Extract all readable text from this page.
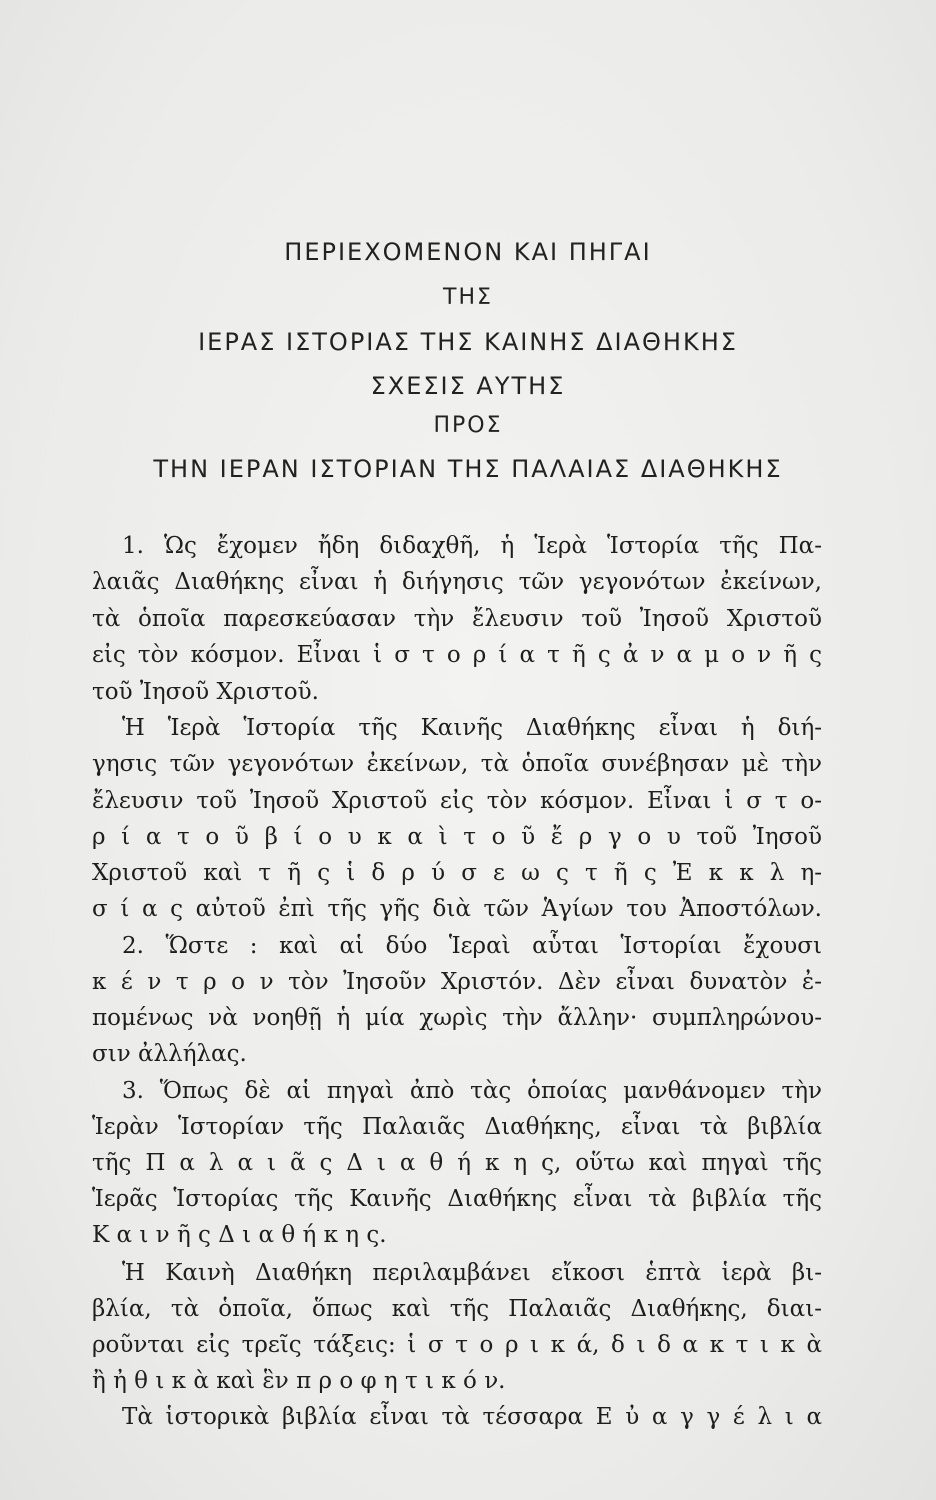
ΠΕΡΙΕΧΟΜΕΝΟΝ ΚΑΙ ΠΗΓΑΙ
ΤΗΣ
ΙΕΡΑΣ ΙΣΤΟΡΙΑΣ ΤΗΣ ΚΑΙΝΗΣ ΔΙΑΘΗΚΗΣ
ΣΧΕΣΙΣ ΑΥΤΗΣ
ΠΡΟΣ
ΤΗΝ ΙΕΡΑΝ ΙΣΤΟΡΙΑΝ ΤΗΣ ΠΑΛΑΙΑΣ ΔΙΑΘΗΚΗΣ
1. Ὡς ἔχομεν ἤδη διδαχθῆ, ἡ Ἱερὰ Ἱστορία τῆς Πα-
λαιᾶς Διαθήκης εἶναι ἡ διήγησις τῶν γεγονότων ἐκείνων,
τὰ ὁποῖα παρεσκεύασαν τὴν ἔλευσιν τοῦ Ἰησοῦ Χριστοῦ
εἰς τὸν κόσμον. Εἶναι ἱ σ τ ο ρ ί α τ ῆ ς ἀ ν α μ ο ν ῆ ς
τοῦ Ἰησοῦ Χριστοῦ.
Ἡ Ἱερὰ Ἱστορία τῆς Καινῆς Διαθήκης εἶναι ἡ διή-
γησις τῶν γεγονότων ἐκείνων, τὰ ὁποῖα συνέβησαν μὲ τὴν
ἔλευσιν τοῦ Ἰησοῦ Χριστοῦ εἰς τὸν κόσμον. Εἶναι ἱ σ τ ο-
ρ ί α τ ο ῦ β ί ο υ κ α ὶ τ ο ῦ ἔ ρ γ ο υ τοῦ Ἰησοῦ
Χριστοῦ καὶ τ ῆ ς ἱ δ ρ ύ σ ε ω ς τ ῆ ς Ἐ κ κ λ η-
σ ί α ς αὐτοῦ ἐπὶ τῆς γῆς διὰ τῶν Ἁγίων του Ἀποστόλων.
2. Ὥστε : καὶ αἱ δύο Ἱεραὶ αὗται Ἱστορίαι ἔχουσι
κ έ ν τ ρ ο ν τὸν Ἰησοῦν Χριστόν. Δὲν εἶναι δυνατὸν ἐ-
πομένως νὰ νοηθῇ ἡ μία χωρὶς τὴν ἄλλην· συμπληρώνου-
σιν ἀλλήλας.
3. Ὅπως δὲ αἱ πηγαὶ ἀπὸ τὰς ὁποίας μανθάνομεν τὴν
Ἱερὰν Ἱστορίαν τῆς Παλαιᾶς Διαθήκης, εἶναι τὰ βιβλία
τῆς Π α λ α ι ᾶ ς Δ ι α θ ή κ η ς, οὕτω καὶ πηγαὶ τῆς
Ἱερᾶς Ἱστορίας τῆς Καινῆς Διαθήκης εἶναι τὰ βιβλία τῆς
Κ α ι ν ῆ ς Δ ι α θ ή κ η ς.
Ἡ Καινὴ Διαθήκη περιλαμβάνει εἴκοσι ἑπτὰ ἱερὰ βι-
βλία, τὰ ὁποῖα, ὅπως καὶ τῆς Παλαιᾶς Διαθήκης, διαι-
ροῦνται εἰς τρεῖς τάξεις: ἱ σ τ ο ρ ι κ ά, δ ι δ α κ τ ι κ ὰ
ἢ ἠ θ ι κ ὰ καὶ ἓν π ρ ο φ η τ ι κ ό ν.
Τὰ ἱστορικὰ βιβλία εἶναι τὰ τέσσαρα Ε ὐ α γ γ έ λ ι α
